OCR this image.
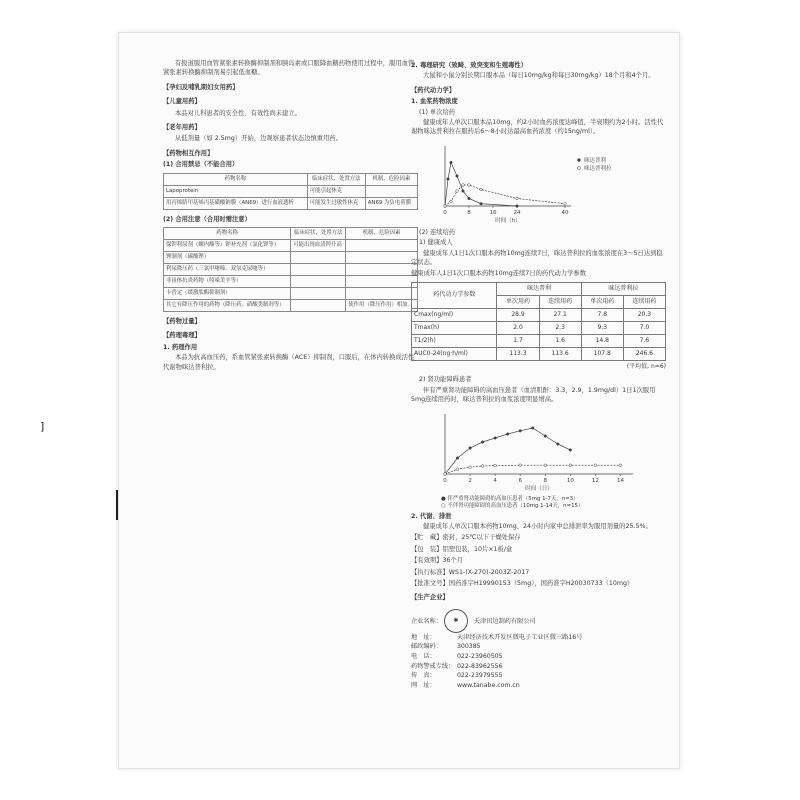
]

有报道服用血管紧张素转换酶抑制剂和胰岛素或口服降血糖药物使用过程中，服用血管紧张素转换酶抑制剂易引起低血糖。

【孕妇及哺乳期妇女用药】
【儿童用药】

本品对儿科患者的安全性、有效性尚未建立。

【老年用药】

从低剂量（如 2.5mg）开始，边观察患者状态边慎重用药。

【药物相互作用】
(1) 合用禁忌（不能合用）
药物名称	临床症状、处置方法	机制、危险因素
Lapoprotein	可能引起休克	
用丙烯腈甲基烯丙基磺酸钠膜（AN69）进行血液透析	可能发生过敏性休克	AN69 为负电荷膜
(2) 合用注意（合用时需注意）
药物名称	临床症状、处置方法	机制、危险因素
保钾利尿剂（螺内酯等）钾补充剂（氯化钾等）	可能出现血清钾升高	
锂制剂（碳酸锂）		
利尿降压药（三氯甲噻嗪、双氢克尿噻等）		
非甾体抗炎药物（吲哚美辛等）		
卡普定（缓激肽酶抑制剂）		
其它有降压作用的药物（降压药、硝酸类制剂等）		使作用（降压作用）相加。
【药物过量】
【药理毒理】
1. 药理作用

本品为抗高血压药，系血管紧张素转换酶（ACE）抑制剂，口服后，在体内转换成活性代谢物咪达普利拉。

2. 毒理研究（致畸、致突变和生殖毒性）

大鼠和小鼠分别长期口服本品（每日10mg/kg和每日30mg/kg）18个月和4个月。

【药代动力学】
1. 血浆药物浓度
(1) 单次给药

健康成年人单次口服本品10mg，约2小时血药浓度达峰值，半衰期约为2小时。活性代谢物咪达普利拉在服药后6～8小时达最高血药浓度（约15ng/ml）。

0	8	16	24	40
时间（h）
咪达普利
咪达普利拉
(2) 连续给药
1) 健康成人

健康成年人1日1次口服本药物10mg连续7日，咪达普利拉的血浆浓度在3～5日达到稳定状态。

健康成年人1日1次口服本药物10mg连续7日的药代动力学参数

药代动力学参数	咪达普利		咪达普利拉	
	单次用药	连续用药	单次用药	连续用药
Cmax(ng/ml)	28.9	27.1	7.8	20.3
Tmax(h)	2.0	2.3	9.3	7.0
T1/2(h)	1.7	1.6	14.8	7.6
AUC0-24(ng·h/ml)	113.3	113.6	107.8	246.6
(平均值, n=6)
2) 肾功能障碍患者

伴有严重肾功能障碍的高血压患者（血清肌酐：3.3，2.9，1.9mg/dl）1日1次服用5mg连续用药时，咪达普利拉的血浆浓度明显增高。

0	2	4	6	8	10	12	14
时间（日）
● 伴严重肾功能障碍的高血压患者（5mg 1-7天，n=3）
○ 不伴肾功能障碍的高血压患者（10mg 1-14天，n=15）
2. 代谢、排泄

健康成年人单次口服本药物10mg，24小时内家中总排泄率为服用剂量的25.5%。

【贮　藏】密封，25℃以下干燥处保存
【包　装】铝塑包装，10片×1板/盒
【有效期】36个月
【执行标准】WS1-(X-270)-2003Z-2017
【批准文号】国药准字H19990153（5mg），国药准字H20030733（10mg）
【生产企业】
企业名称： ✱ 天津田边制药有限公司
地　址：	天津经济技术开发区微电子工业区微三路16号
邮政编码：	300385
电　话：	022-23960505
药物警戒专线： 022-83962556
传　真：	022-23979555
网　址：	www.tanabe.com.cn
